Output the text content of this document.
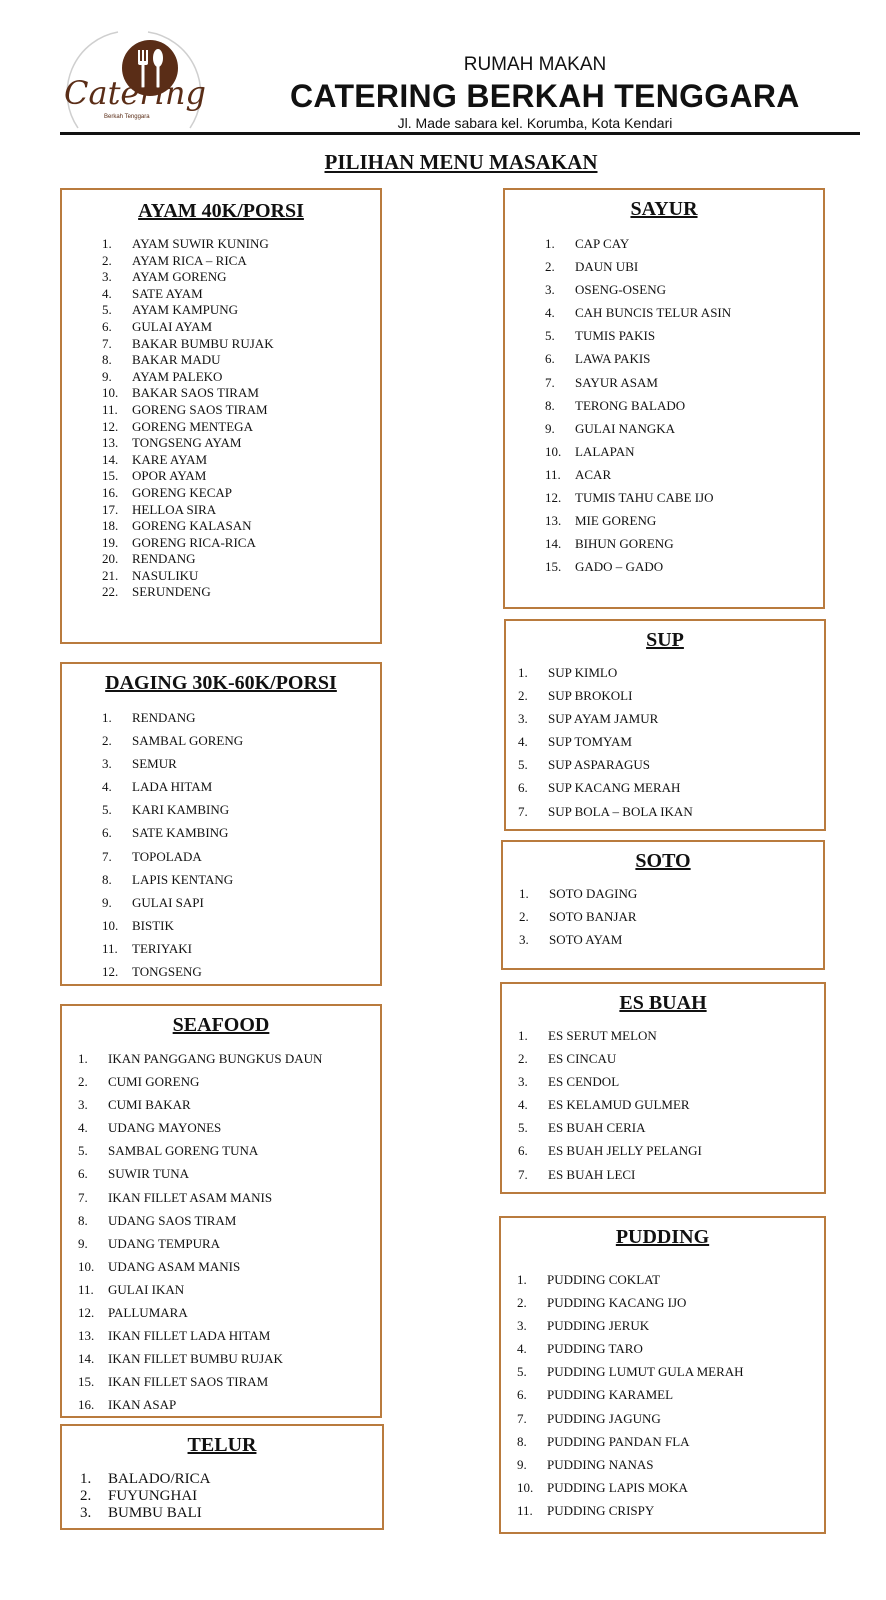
Catering
Berkah Tenggara
RUMAH MAKAN
CATERING BERKAH TENGGARA
Jl. Made sabara kel. Korumba, Kota Kendari
PILIHAN MENU MASAKAN
AYAM 40K/PORSI
1. AYAM SUWIR KUNING
2. AYAM RICA – RICA
3. AYAM GORENG
4. SATE AYAM
5. AYAM KAMPUNG
6. GULAI AYAM
7. BAKAR BUMBU RUJAK
8. BAKAR MADU
9. AYAM PALEKO
10. BAKAR SAOS TIRAM
11. GORENG SAOS TIRAM
12. GORENG MENTEGA
13. TONGSENG AYAM
14. KARE AYAM
15. OPOR AYAM
16. GORENG KECAP
17. HELLOA SIRA
18. GORENG KALASAN
19. GORENG RICA-RICA
20. RENDANG
21. NASULIKU
22. SERUNDENG
DAGING 30K-60K/PORSI
1. RENDANG
2. SAMBAL GORENG
3. SEMUR
4. LADA HITAM
5. KARI KAMBING
6. SATE KAMBING
7. TOPOLADA
8. LAPIS KENTANG
9. GULAI SAPI
10. BISTIK
11. TERIYAKI
12. TONGSENG
SEAFOOD
1. IKAN PANGGANG BUNGKUS DAUN
2. CUMI GORENG
3. CUMI BAKAR
4. UDANG MAYONES
5. SAMBAL GORENG TUNA
6. SUWIR TUNA
7. IKAN FILLET ASAM MANIS
8. UDANG SAOS TIRAM
9. UDANG TEMPURA
10. UDANG ASAM MANIS
11. GULAI IKAN
12. PALLUMARA
13. IKAN FILLET LADA HITAM
14. IKAN FILLET BUMBU RUJAK
15. IKAN FILLET SAOS TIRAM
16. IKAN ASAP
TELUR
1. BALADO/RICA
2. FUYUNGHAI
3. BUMBU BALI
SAYUR
1. CAP CAY
2. DAUN UBI
3. OSENG-OSENG
4. CAH BUNCIS TELUR ASIN
5. TUMIS PAKIS
6. LAWA PAKIS
7. SAYUR ASAM
8. TERONG BALADO
9. GULAI NANGKA
10. LALAPAN
11. ACAR
12. TUMIS TAHU CABE IJO
13. MIE GORENG
14. BIHUN GORENG
15. GADO – GADO
SUP
1. SUP KIMLO
2. SUP BROKOLI
3. SUP AYAM JAMUR
4. SUP TOMYAM
5. SUP ASPARAGUS
6. SUP KACANG MERAH
7. SUP BOLA – BOLA IKAN
SOTO
1. SOTO DAGING
2. SOTO BANJAR
3. SOTO AYAM
ES BUAH
1. ES SERUT MELON
2. ES CINCAU
3. ES CENDOL
4. ES KELAMUD GULMER
5. ES BUAH CERIA
6. ES BUAH JELLY PELANGI
7. ES BUAH LECI
PUDDING
1. PUDDING COKLAT
2. PUDDING KACANG IJO
3. PUDDING JERUK
4. PUDDING TARO
5. PUDDING LUMUT GULA MERAH
6. PUDDING KARAMEL
7. PUDDING JAGUNG
8. PUDDING PANDAN FLA
9. PUDDING NANAS
10. PUDDING LAPIS MOKA
11. PUDDING CRISPY
